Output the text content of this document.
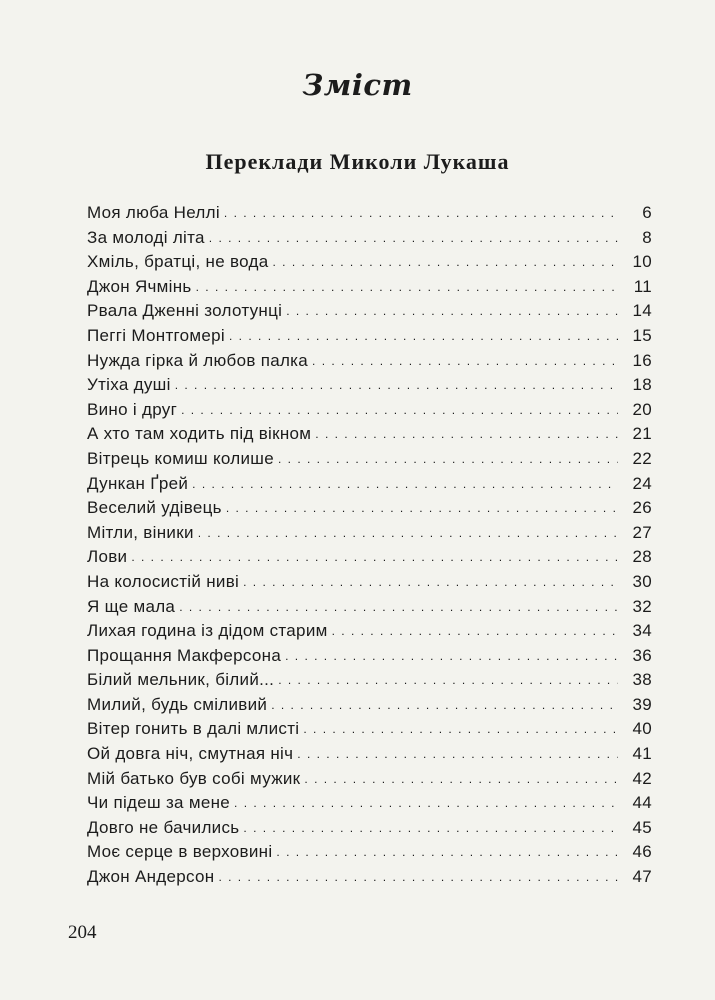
Зміст
Переклади Миколи Лукаша
Моя люба Неллі . . .	6
За молоді літа . . .	8
Хміль, братці, не вода . . .	10
Джон Ячмінь . . .	11
Рвала Дженні золотунці . . .	14
Пеггі Монтгомері . . .	15
Нужда гірка й любов палка . . .	16
Утіха душі . . .	18
Вино і друг . . .	20
А хто там ходить під вікном . . .	21
Вітрець комиш колише . . .	22
Дункан Ґрей . . .	24
Веселий удівець . . .	26
Мітли, віники . . .	27
Лови . . .	28
На колосистій ниві . . .	30
Я ще мала . . .	32
Лихая година із дідом старим . . .	34
Прощання Макферсона . . .	36
Білий мельник, білий... . . .	38
Милий, будь сміливий . . .	39
Вітер гонить в далі млисті . . .	40
Ой довга ніч, смутная ніч . . .	41
Мій батько був собі мужик . . .	42
Чи підеш за мене . . .	44
Довго не бачились . . .	45
Моє серце в верховині . . .	46
Джон Андерсон . . .	47
204
